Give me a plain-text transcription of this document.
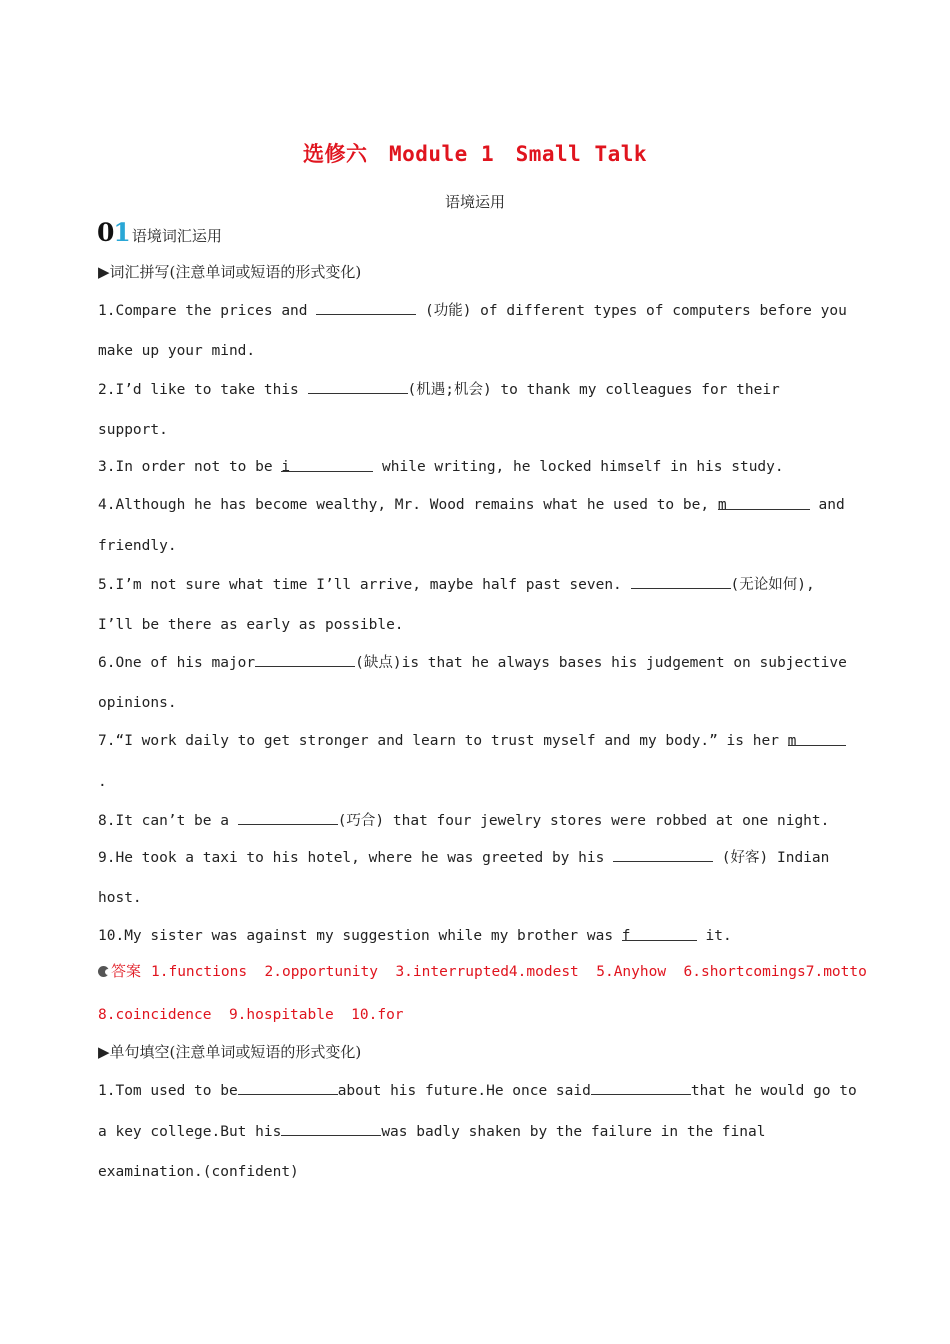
选修六　Module 1　Small Talk
语境运用
01 语境词汇运用
▶词汇拼写(注意单词或短语的形式变化)
1.Compare the prices and	(功能) of different types of computers before you
make up your mind.
2.I’d like to take this	(机遇;机会) to thank my colleagues for their
support.
3.In order not to be i	while writing, he locked himself in his study.
4.Although he has become wealthy, Mr. Wood remains what he used to be, m	and
friendly.
5.I’m not sure what time I’ll arrive, maybe half past seven.	(无论如何),
I’ll be there as early as possible.
6.One of his major	(缺点)is that he always bases his judgement on subjective
opinions.
7.“I work daily to get stronger and learn to trust myself and my body.” is her m
.
8.It can’t be a	(巧合) that four jewelry stores were robbed at one night.
9.He took a taxi to his hotel, where he was greeted by his	(好客) Indian
host.
10.My sister was against my suggestion while my brother was f	it.
答案 1.functions  2.opportunity  3.interrupted4.modest  5.Anyhow  6.shortcomings7.motto
8.coincidence  9.hospitable  10.for
▶单句填空(注意单词或短语的形式变化)
1.Tom used to be	about his future.He once said	that he would go to
a key college.But his	was badly shaken by the failure in the final
examination.(confident)
